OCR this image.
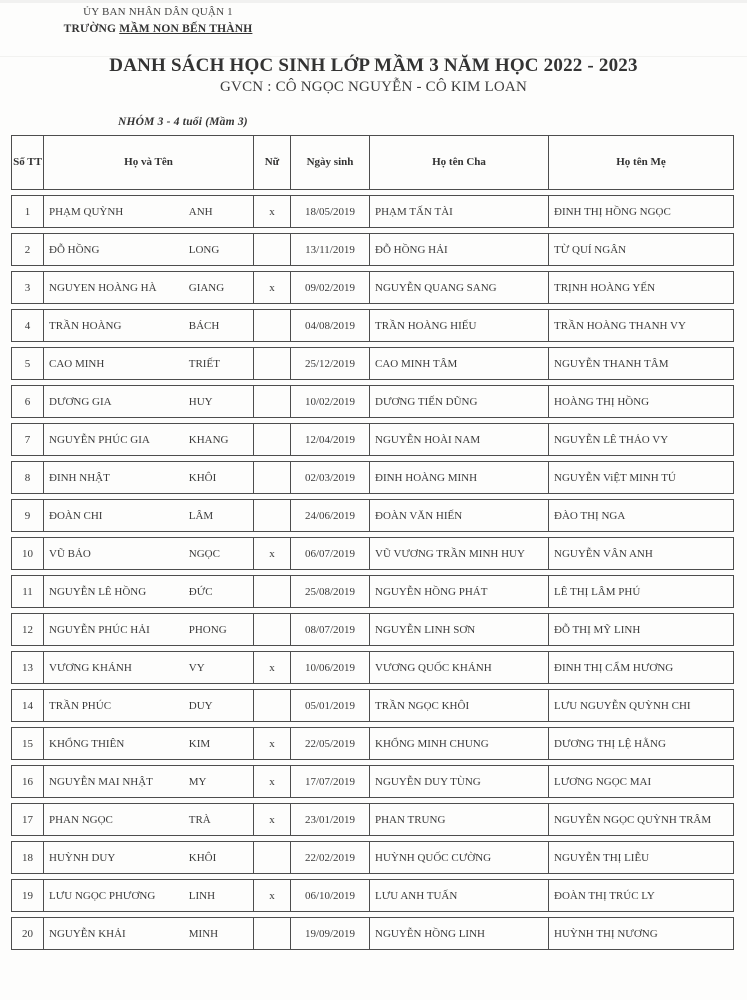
ỦY BAN NHÂN DÂN QUẬN 1
TRƯỜNG MẦM NON BẾN THÀNH
DANH SÁCH HỌC SINH LỚP MẦM 3 NĂM HỌC 2022 - 2023
GVCN : CÔ NGỌC NGUYỄN - CÔ KIM LOAN
NHÓM 3 - 4 tuổi (Mầm 3)
Số TT	Họ và Tên	Nữ	Ngày sinh	Họ tên Cha	Họ tên Mẹ
1	PHẠM QUỲNH ANH	x	18/05/2019	PHẠM TẤN TÀI	ĐINH THỊ HỒNG NGỌC
2	ĐỖ HỒNG LONG		13/11/2019	ĐỖ HỒNG HẢI	TỪ QUÍ NGÂN
3	NGUYEN HOÀNG HÀ GIANG	x	09/02/2019	NGUYỄN QUANG SANG	TRỊNH HOÀNG YẾN
4	TRẦN HOÀNG BÁCH		04/08/2019	TRẦN HOÀNG HIẾU	TRẦN HOÀNG THANH VY
5	CAO MINH TRIẾT		25/12/2019	CAO MINH TÂM	NGUYỄN THANH TÂM
6	DƯƠNG GIA HUY		10/02/2019	DƯƠNG TIẾN DŨNG	HOÀNG THỊ HỒNG
7	NGUYỄN PHÚC GIA KHANG		12/04/2019	NGUYỄN HOÀI NAM	NGUYỄN LÊ THẢO VY
8	ĐINH NHẬT KHÔI		02/03/2019	ĐINH HOÀNG MINH	NGUYỄN ViỆT MINH TÚ
9	ĐOÀN CHI LÂM		24/06/2019	ĐOÀN VĂN HIẾN	ĐÀO THỊ NGA
10	VŨ BẢO NGỌC	x	06/07/2019	VŨ VƯƠNG TRẦN MINH HUY	NGUYỄN VÂN ANH
11	NGUYỄN LÊ HỒNG ĐỨC		25/08/2019	NGUYỄN HỒNG PHÁT	LÊ THỊ LÂM PHÚ
12	NGUYỄN PHÚC HẢI PHONG		08/07/2019	NGUYỄN LINH SƠN	ĐỖ THỊ MỸ LINH
13	VƯƠNG KHÁNH VY	x	10/06/2019	VƯƠNG QUỐC KHÁNH	ĐINH THỊ CẨM HƯƠNG
14	TRẦN PHÚC DUY		05/01/2019	TRẦN NGỌC KHÔI	LƯU NGUYỄN QUỲNH CHI
15	KHỔNG THIÊN KIM	x	22/05/2019	KHỔNG MINH CHUNG	DƯƠNG THỊ LỆ HẰNG
16	NGUYỄN MAI NHẬT MY	x	17/07/2019	NGUYỄN DUY TÙNG	LƯƠNG NGỌC MAI
17	PHAN NGỌC TRÀ	x	23/01/2019	PHAN TRUNG	NGUYỄN NGỌC QUỲNH TRÂM
18	HUỲNH DUY KHÔI		22/02/2019	HUỲNH QUỐC CƯỜNG	NGUYỄN THỊ LIỄU
19	LƯU NGỌC PHƯƠNG LINH	x	06/10/2019	LƯU ANH TUẤN	ĐOÀN THỊ TRÚC LY
20	NGUYỄN KHẢI MINH		19/09/2019	NGUYỄN HỒNG LINH	HUỲNH THỊ NƯƠNG
